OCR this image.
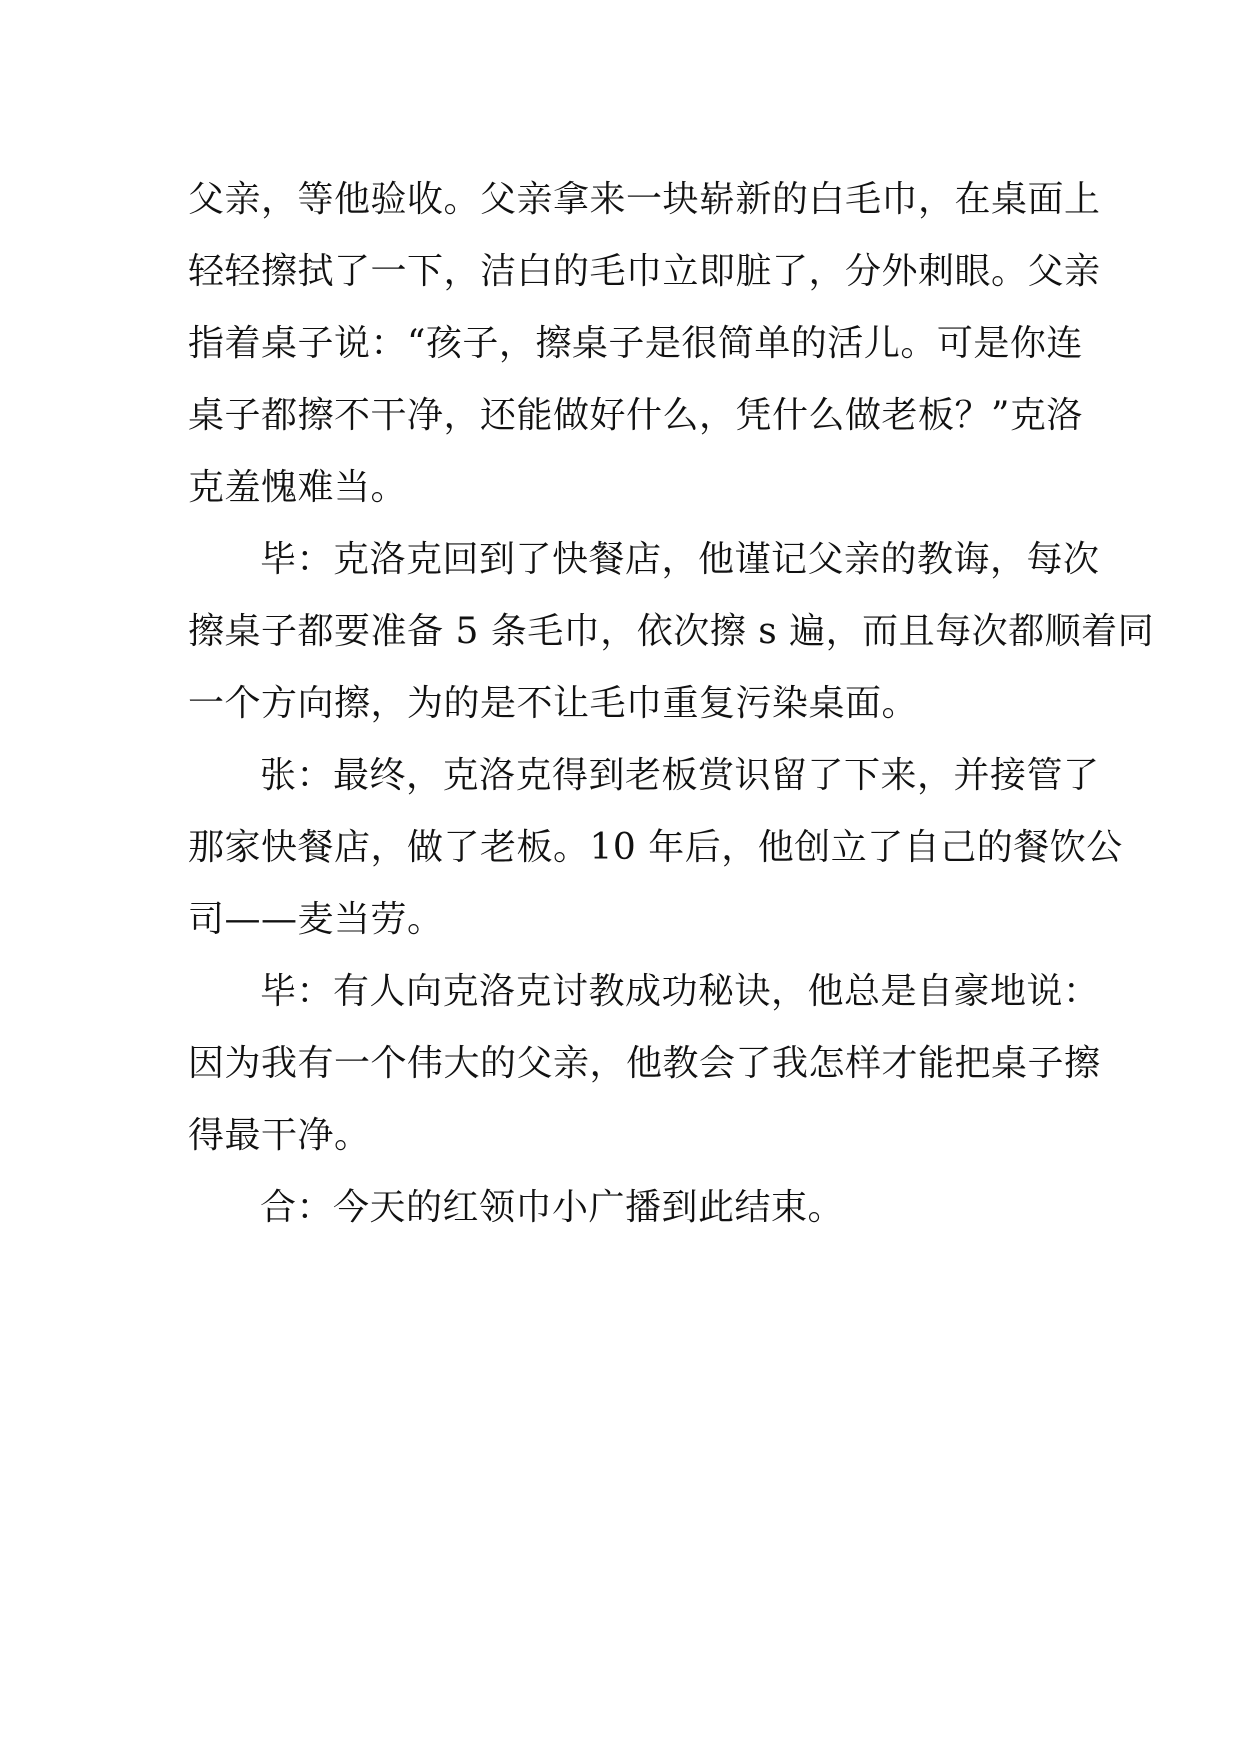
父亲，等他验收。父亲拿来一块崭新的白毛巾，在桌面上
轻轻擦拭了一下，洁白的毛巾立即脏了，分外刺眼。父亲
指着桌子说：“孩子，擦桌子是很简单的活儿。可是你连
桌子都擦不干净，还能做好什么，凭什么做老板？”克洛
克羞愧难当。
毕：克洛克回到了快餐店，他谨记父亲的教诲，每次
擦桌子都要准备 5 条毛巾，依次擦 s 遍，而且每次都顺着同
一个方向擦，为的是不让毛巾重复污染桌面。
张：最终，克洛克得到老板赏识留了下来，并接管了
那家快餐店，做了老板。10 年后，他创立了自己的餐饮公
司——麦当劳。
毕：有人向克洛克讨教成功秘诀，他总是自豪地说：
因为我有一个伟大的父亲，他教会了我怎样才能把桌子擦
得最干净。
合：今天的红领巾小广播到此结束。
